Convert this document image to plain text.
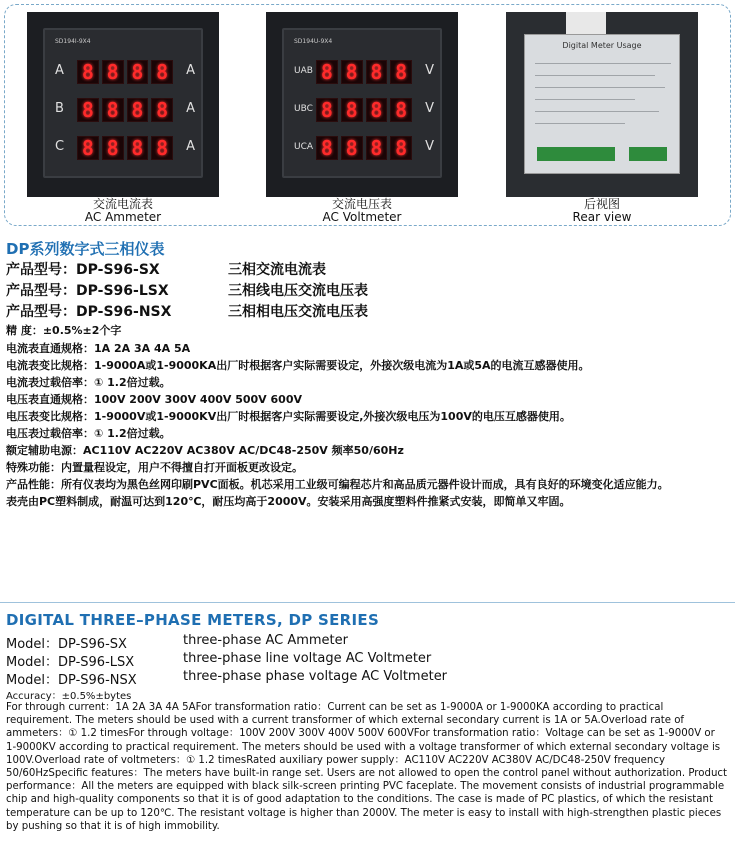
SD194I-9X4
A 8 8 8 8	A
B 8 8 8 8	A
C 8 8 8 8	A
SD194U-9X4
UAB 8 8 8 8	V
UBC 8 8 8 8	V
UCA 8 8 8 8	V
Digital Meter Usage
交流电流表
AC Ammeter
交流电压表
AC Voltmeter
后视图
Rear view
DP系列数字式三相仪表
产品型号：DP-S96-SX	三相交流电流表
产品型号：DP-S96-LSX	三相线电压交流电压表
产品型号：DP-S96-NSX	三相相电压交流电压表
精 度：±0.5%±2个字
电流表直通规格：1A 2A 3A 4A 5A
电流表变比规格：1-9000A或1-9000KA出厂时根据客户实际需要设定，外接次级电流为1A或5A的电流互感器使用。
电流表过载倍率：① 1.2倍过载。
电压表直通规格：100V 200V 300V 400V 500V 600V
电压表变比规格：1-9000V或1-9000KV出厂时根据客户实际需要设定,外接次级电压为100V的电压互感器使用。
电压表过载倍率：① 1.2倍过载。
额定辅助电源：AC110V AC220V AC380V AC/DC48-250V 频率50/60Hz
特殊功能：内置量程设定，用户不得擅自打开面板更改设定。
产品性能：所有仪表均为黑色丝网印刷PVC面板。机芯采用工业级可编程芯片和高品质元器件设计而成，具有良好的环境变化适应能力。
表壳由PC塑料制成，耐温可达到120℃，耐压均高于2000V。安装采用高强度塑料件推紧式安装，即简单又牢固。
DIGITAL THREE–PHASE METERS, DP SERIES
Model：DP-S96-SX	three-phase AC Ammeter
Model：DP-S96-LSX	three-phase line voltage AC Voltmeter
Model：DP-S96-NSX	three-phase phase voltage AC Voltmeter
Accuracy：±0.5%±bytes
For through current：1A 2A 3A 4A 5AFor transformation ratio：Current can be set as 1-9000A or 1-9000KA according to practical requirement. The meters should be used with a current transformer of which external secondary current is 1A or 5A.Overload rate of ammeters：① 1.2 timesFor through voltage：100V 200V 300V 400V 500V 600VFor transformation ratio：Voltage can be set as 1-9000V or 1-9000KV according to practical requirement. The meters should be used with a voltage transformer of which external secondary voltage is 100V.Overload rate of voltmeters：① 1.2 timesRated auxiliary power supply：AC110V AC220V AC380V AC/DC48-250V frequency 50/60HzSpecific features：The meters have built-in range set. Users are not allowed to open the control panel without authorization. Product performance：All the meters are equipped with black silk-screen printing PVC faceplate. The movement consists of industrial programmable chip and high-quality components so that it is of good adaptation to the conditions. The case is made of PC plastics, of which the resistant temperature can be up to 120℃. The resistant voltage is higher than 2000V. The meter is easy to install with high-strengthen plastic pieces by pushing so that it is of high immobility.
